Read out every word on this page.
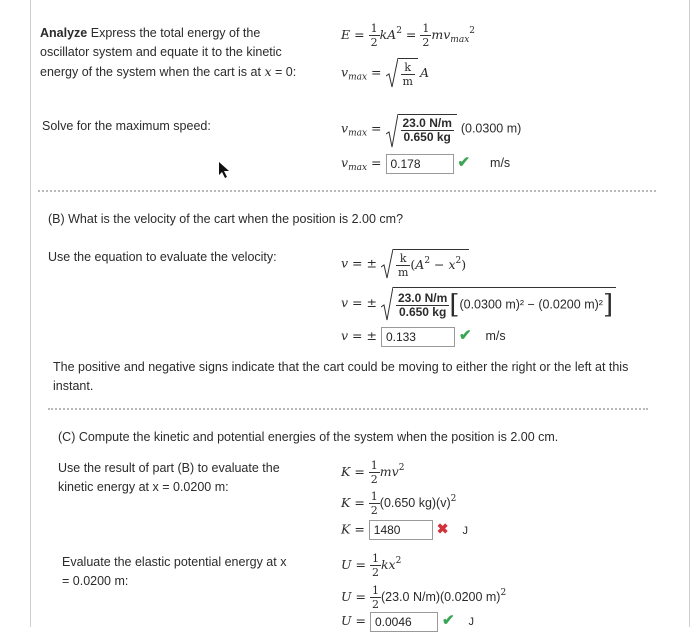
Analyze Express the total energy of the oscillator system and equate it to the kinetic energy of the system when the cart is at x = 0:
$E = \frac{1}{2} kA^2 = \frac{1}{2} mv_{max}^2$
$v_{max} = \frac{k}{m}$ A
Solve for the maximum speed:	$v_{max} = \frac{23.0 N/m}{0.650 kg} (0.0300$ m)
$v_{max} = 0.178$ ✔ m/s
(B) What is the velocity of the cart when the position is 2.00 cm?
Use the equation to evaluate the velocity:	v = ± $\frac{k}{m} (A^2 - x^2)$
v = ± $\frac{23.0 N/m}{0.650 kg} [(0.0300$ m)² − (0.0200 m)²]
v = ± 0.133	✔ m/s
The positive and negative signs indicate that the cart could be moving to either the right or the left at this instant.
(C) Compute the kinetic and potential energies of the system when the position is 2.00 cm.
Use the result of part (B) to evaluate the kinetic energy at x = 0.0200 m:
$K = \frac{1}{2} mv^2$
$K = \frac{1}{2} (0.650$ $kg)(v)^2$
K = 1480	✖ J
Evaluate the elastic potential energy at x = 0.0200 m:
$U = \frac{1}{2} kx^2$
$U = \frac{1}{2} (23.0$ N/m)(0.0200 m)$^2$
U = 0.0046 ✔ J
